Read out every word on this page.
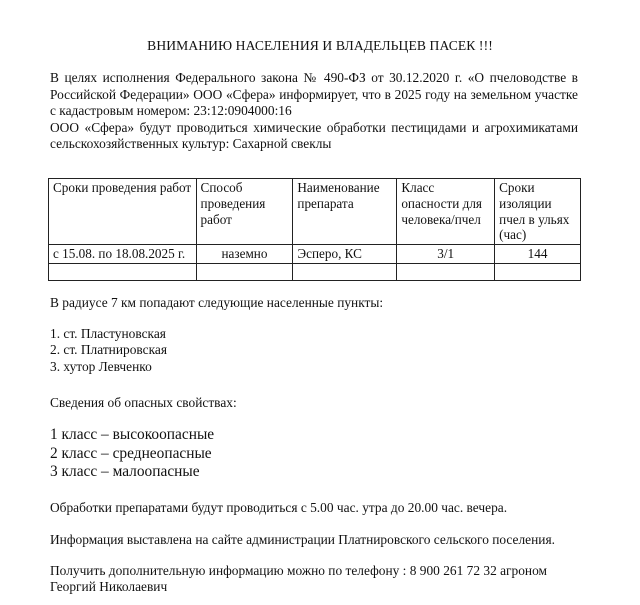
ВНИМАНИЮ НАСЕЛЕНИЯ И ВЛАДЕЛЬЦЕВ ПАСЕК !!!

В целях исполнения Федерального закона № 490-ФЗ от 30.12.2020 г. «О пчеловодстве в Российской Федерации» ООО «Сфера» информирует, что в 2025 году на земельном участке с кадастровым номером: 23:12:0904000:16

ООО «Сфера» будут проводиться химические обработки пестицидами и агрохимикатами сельскохозяйственных культур: Сахарной свеклы

Сроки проведения работ	Способ проведения работ	Наименование препарата	Класс опасности для человека/пчел	Сроки изоляции пчел в ульях (час)
с 15.08. по 18.08.2025 г.	наземно	Эсперо, КС	3/1	144

В радиусе 7 км попадают следующие населенные пункты:

1. ст. Пластуновская

2. ст. Платнировская

3. хутор Левченко

Сведения об опасных свойствах:

1 класс – высокоопасные

2 класс – среднеопасные

3 класс – малоопасные

Обработки препаратами будут проводиться с 5.00 час. утра до 20.00 час. вечера.

Информация выставлена на сайте администрации Платнировского сельского поселения.

Получить дополнительную информацию можно по телефону : 8 900 261 72 32 агроном

Георгий Николаевич
